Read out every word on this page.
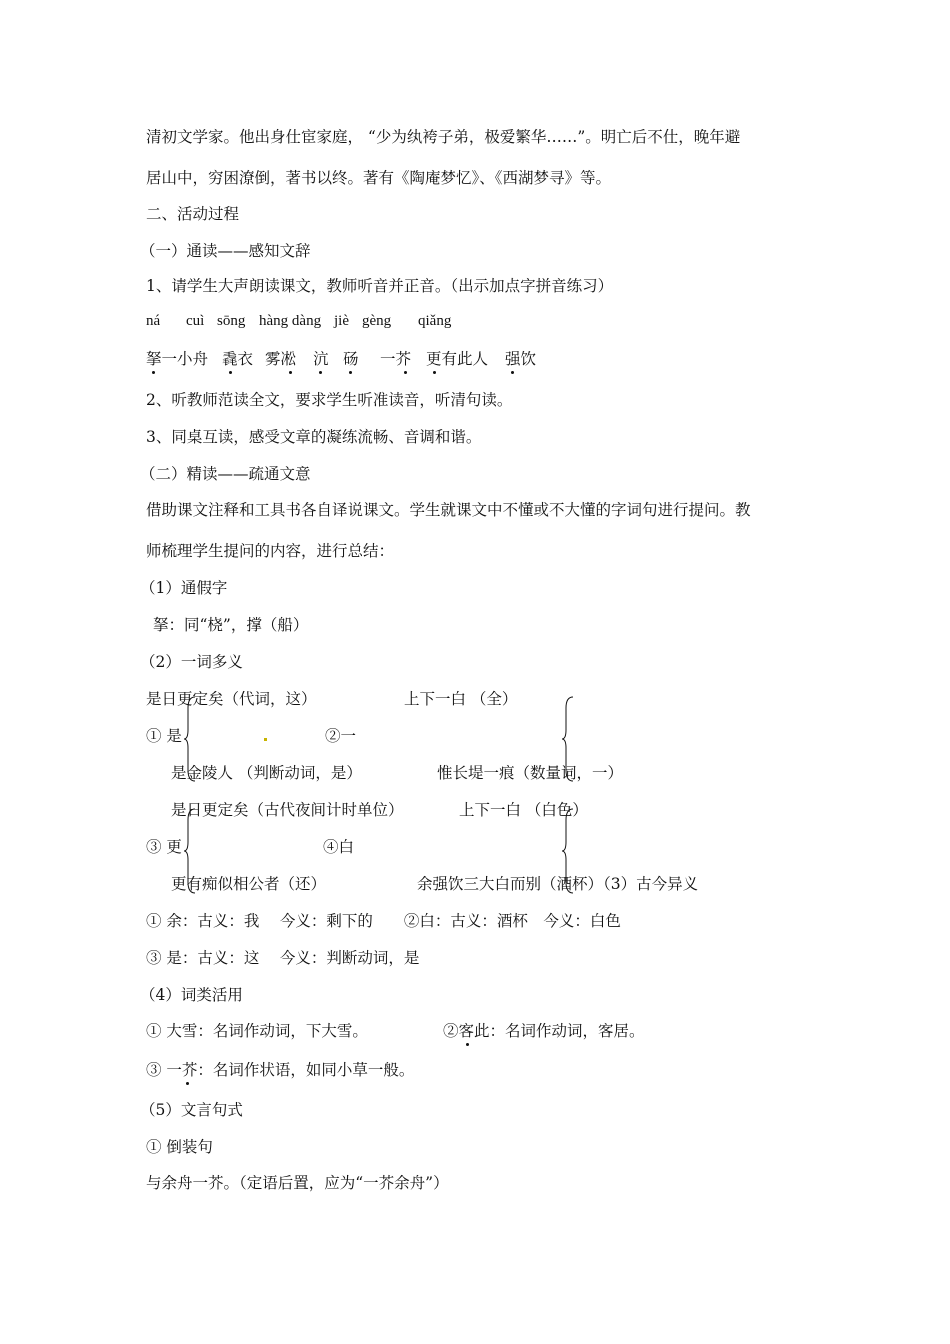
清初文学家。他出身仕宦家庭， “少为纨袴子弟，极爱繁华……”。明亡后不仕，晚年避
居山中，穷困潦倒，著书以终。著有《陶庵梦忆》、《西湖梦寻》等。
二、活动过程
（一）通读——感知文辞
1、请学生大声朗读课文，教师听音并正音。（出示加点字拼音练习）
ná cuì sōng hàng dàng jiè gèng qiǎng
拏一小舟 毳衣 雾凇 沆 砀 一芥 更有此人 强饮
2、听教师范读全文，要求学生听准读音，听清句读。
3、同桌互读，感受文章的凝练流畅、音调和谐。
（二）精读——疏通文意
借助课文注释和工具书各自译说课文。学生就课文中不懂或不大懂的字词句进行提问。教
师梳理学生提问的内容，进行总结：
（1）通假字
拏：同“桡”，撑（船）
（2）一词多义
是日更定矣（代词，这）	上下一白 （全）
① 是	②一
是金陵人 （判断动词，是）	惟长堤一痕（数量词，一）
是日更定矣（古代夜间计时单位）	上下一白 （白色）
③ 更	④白
更有痴似相公者（还）	余强饮三大白而别（酒杯）（3）古今异义
① 余：古义：我　 今义：剩下的　　②白：古义：酒杯　今义：白色
③ 是：古义：这　 今义：判断动词，是
（4）词类活用
① 大雪：名词作动词，下大雪。	②客此：名词作动词，客居。
③ 一芥：名词作状语，如同小草一般。
（5）文言句式
① 倒装句
与余舟一芥。（定语后置，应为“一芥余舟”）
